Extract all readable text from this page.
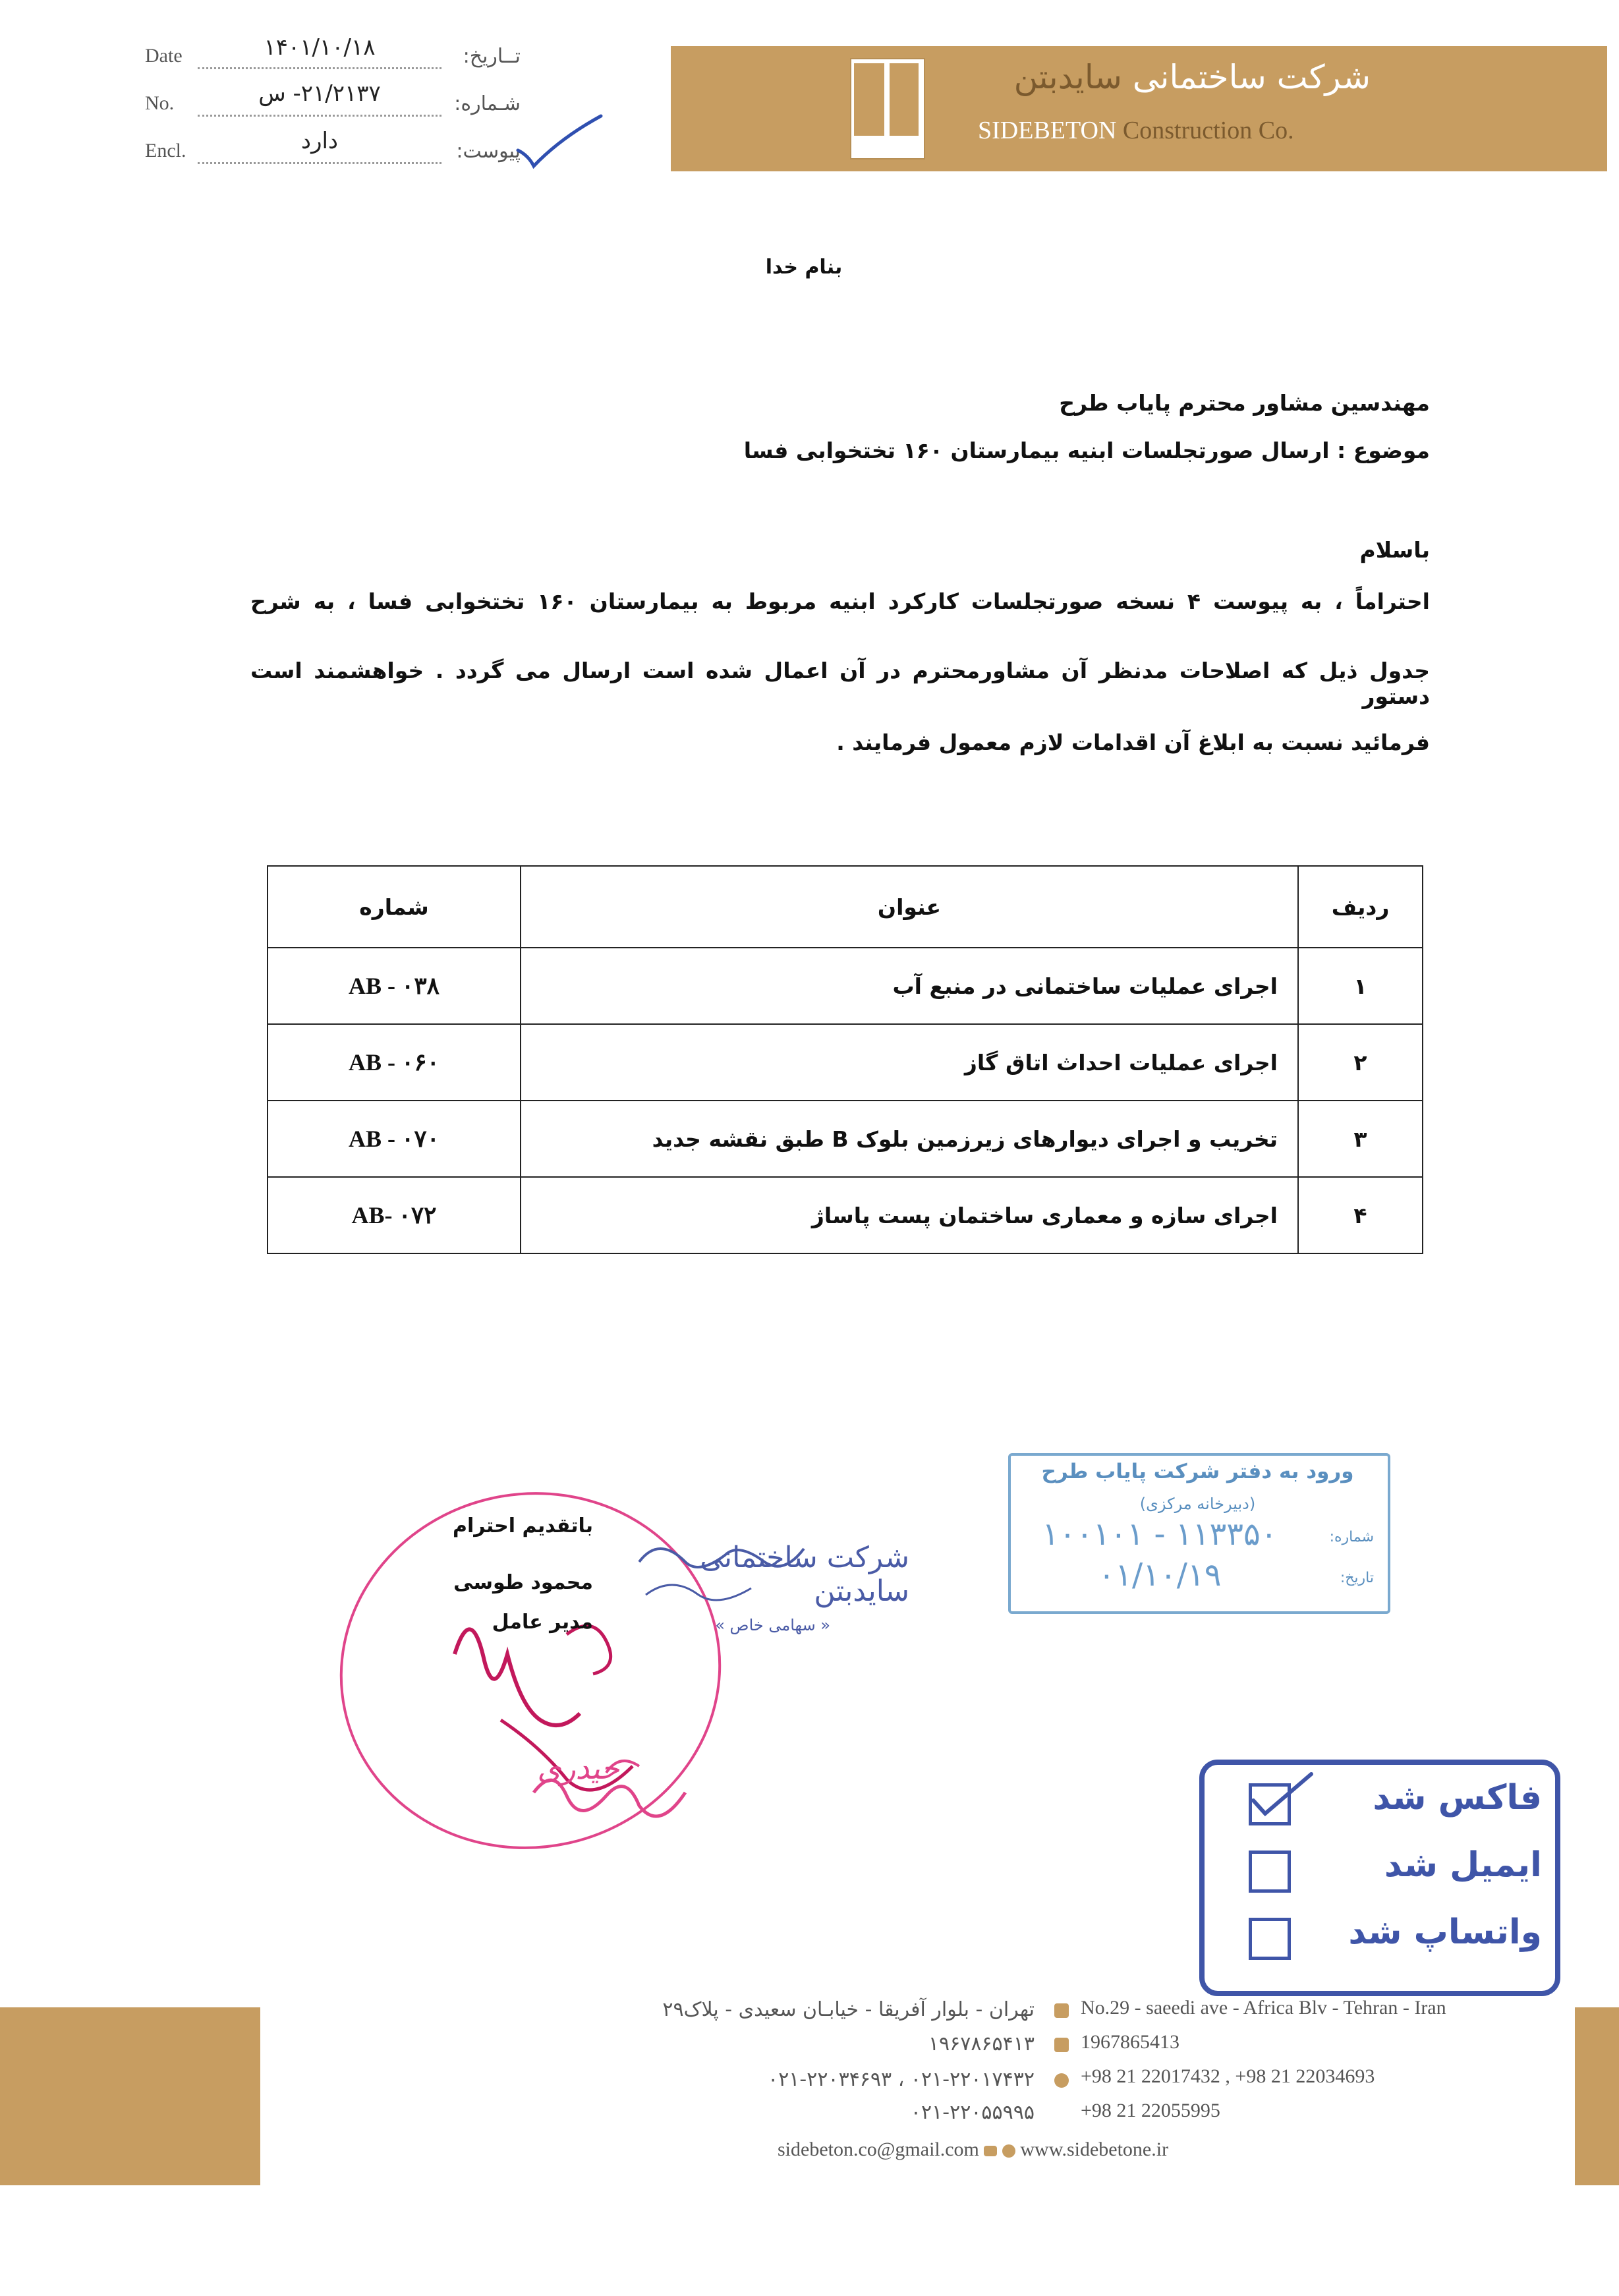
SIDEBETON
شرکت ساختمانی سایدبتن
SIDEBETON Construction Co.
Date	۱۴۰۱/۱۰/۱۸	تــاریخ:
No.	۲۱/۲۱۳۷- س	شـماره:
Encl.	دارد	پیوست:
بنام خدا
مهندسین مشاور محترم پایاب طرح
موضوع : ارسال صورتجلسات ابنیه بیمارستان ۱۶۰ تختخوابی فسا
باسلام
احتراماً ، به پیوست ۴ نسخه صورتجلسات کارکرد ابنیه مربوط به بیمارستان ۱۶۰ تختخوابی فسا ، به شرح
جدول ذیل که اصلاحات مدنظر آن مشاورمحترم در آن اعمال شده است ارسال می گردد . خواهشمند است دستور
فرمائید نسبت به ابلاغ آن اقدامات لازم معمول فرمایند .
ردیف	عنوان	شماره
۱	اجرای عملیات ساختمانی در منبع آب	AB - ۰۳۸
۲	اجرای عملیات احداث اتاق گاز	AB - ۰۶۰
۳	تخریب و اجرای دیوارهای زیرزمین بلوک B طبق نقشه جدید	AB - ۰۷۰
۴	اجرای سازه و معماری ساختمان پست پاساژ	AB- ۰۷۲
باتقدیم احترام
محمود طوسی
مدیر عامل
شرکت ساختمانی سایدبتن
« سهامی خاص »
حیدری
ورود به دفتر شرکت پایاب طرح
(دبیرخانه مرکزی)
شماره:
۱۰۰۱۰۱ - ۱۱۳۳۵۰
تاریخ:
۰۱/۱۰/۱۹
فاکس شد
ایمیل شد
واتساپ شد
تهران - بلوار آفریقا - خیابـان سعیدی - پلاک۲۹ No.29 - saeedi ave - Africa Blv - Tehran - Iran
۱۹۶۷۸۶۵۴۱۳ 1967865413
۰۲۱-۲۲۰۱۷۴۳۲ ، ۰۲۱-۲۲۰۳۴۶۹۳ +98 21 22017432 , +98 21 22034693
۰۲۱-۲۲۰۵۵۹۹۵ +98 21 22055995
sidebeton.co@gmail.com www.sidebetone.ir
